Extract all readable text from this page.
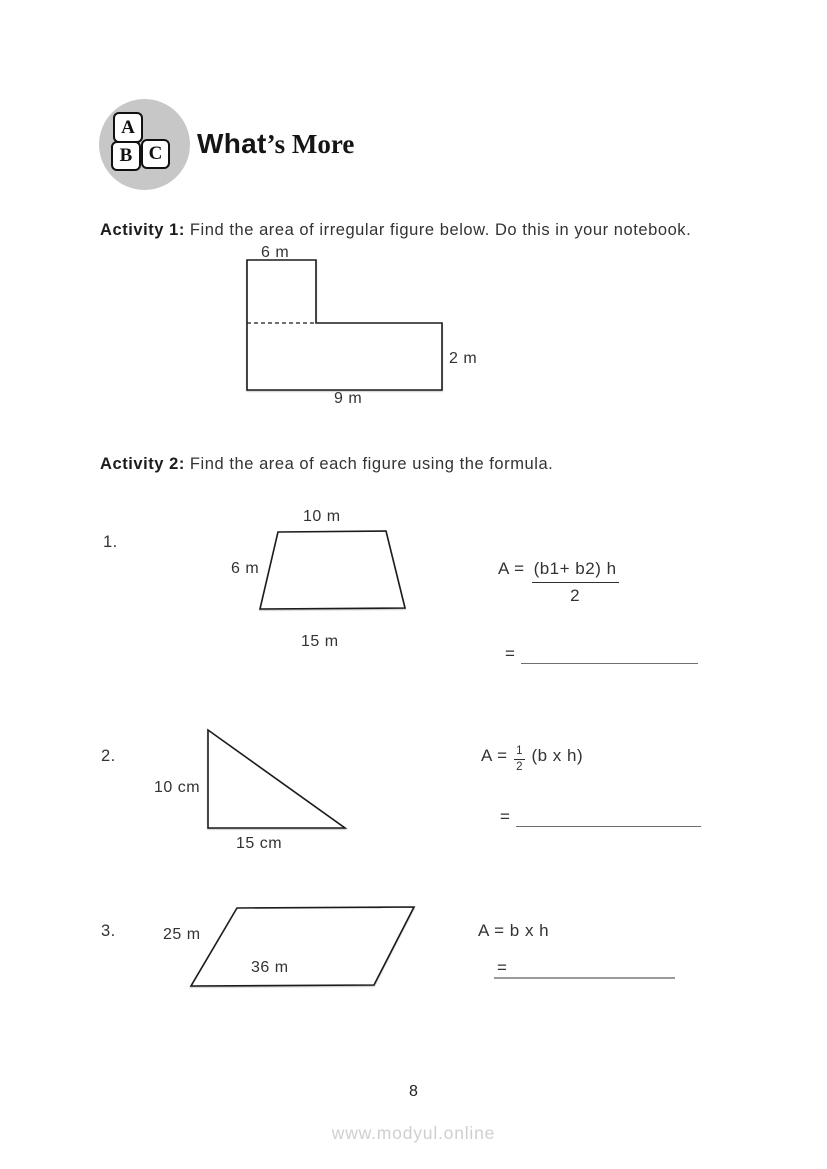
A
B C What’s More
Activity 1: Find the area of irregular figure below. Do this in your notebook.
6 m
2 m
9 m
Activity 2: Find the area of each figure using the formula.
1.
10 m
6 m
15 m
$A = \frac{(b1+ b2) h}{2}$
=
2.
10 cm
15 cm
$A = \frac{1}{2} (b$ x h)
=
3.	25 m
36 m
A = b x h
=
8
www.modyul.online
